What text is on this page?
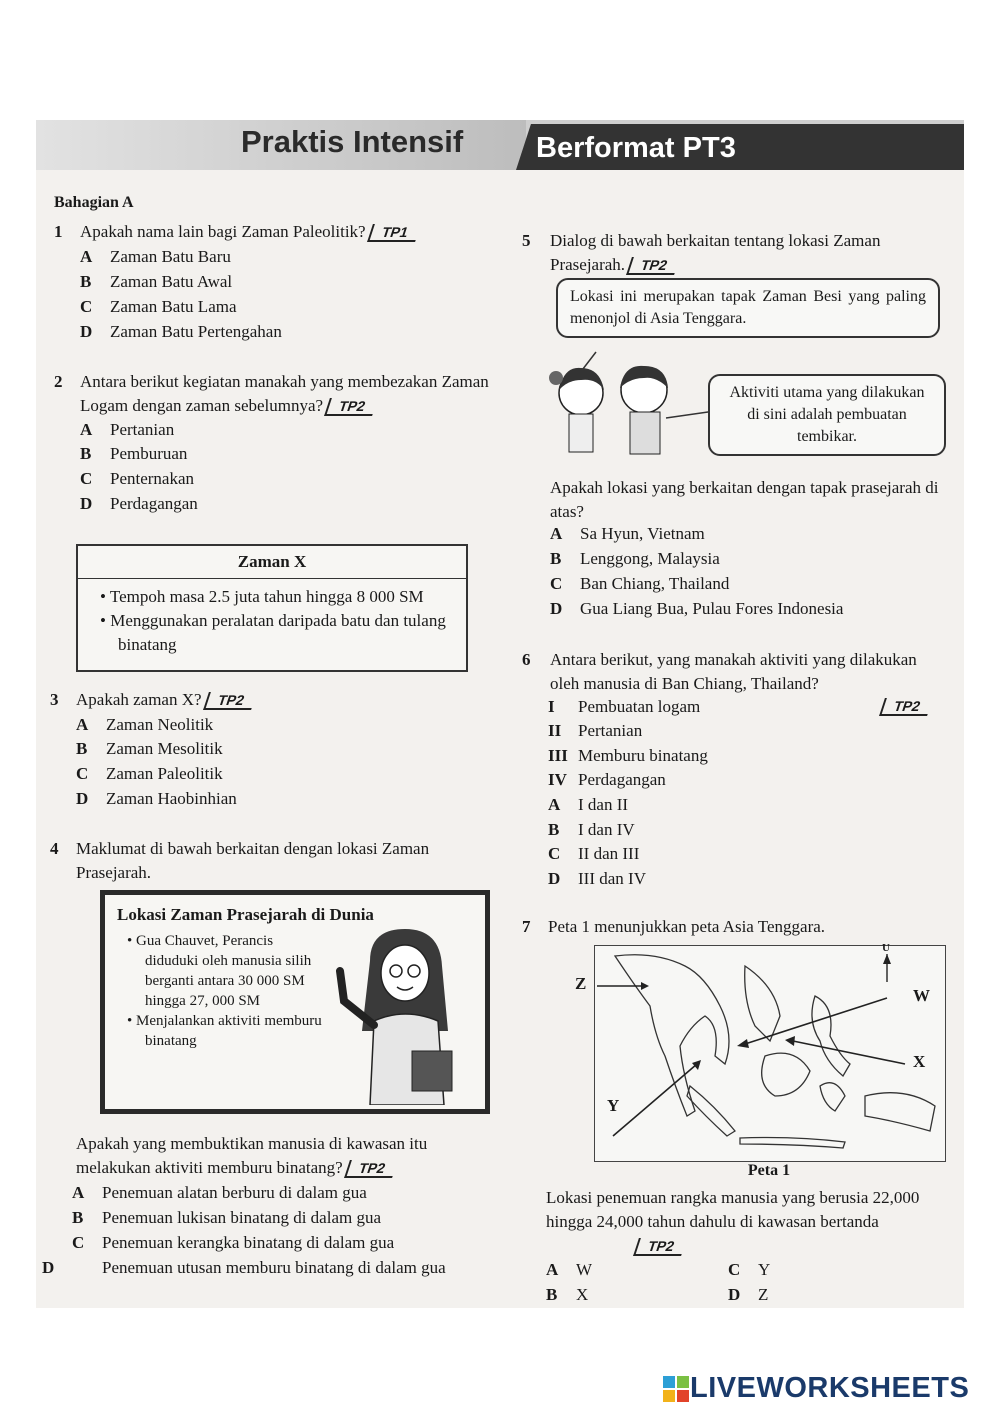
Praktis Intensif	Berformat PT3
Bahagian A
1 Apakah nama lain bagi Zaman Paleolitik? TP1
A Zaman Batu Baru
B Zaman Batu Awal
C Zaman Batu Lama
D Zaman Batu Pertengahan
2 Antara berikut kegiatan manakah yang membezakan Zaman Logam dengan zaman sebelumnya? TP2
A Pertanian
B Pemburuan
C Penternakan
D Perdagangan
Zaman X
• Tempoh masa 2.5 juta tahun hingga 8 000 SM
• Menggunakan peralatan daripada batu dan tulang binatang
3 Apakah zaman X? TP2
A Zaman Neolitik
B Zaman Mesolitik
C Zaman Paleolitik
D Zaman Haobinhian
4 Maklumat di bawah berkaitan dengan lokasi Zaman Prasejarah.
Lokasi Zaman Prasejarah di Dunia
• Gua Chauvet, Perancis diduduki oleh manusia silih berganti antara 30 000 SM hingga 27, 000 SM
• Menjalankan aktiviti memburu binatang
Apakah yang membuktikan manusia di kawasan itu melakukan aktiviti memburu binatang? TP2
A Penemuan alatan berburu di dalam gua
B Penemuan lukisan binatang di dalam gua
C Penemuan kerangka binatang di dalam gua
D	Penemuan utusan memburu binatang di dalam gua
5 Dialog di bawah berkaitan tentang lokasi Zaman Prasejarah. TP2
Lokasi ini merupakan tapak Zaman Besi yang paling menonjol di Asia Tenggara.
Aktiviti utama yang dilakukan di sini adalah pembuatan tembikar.
Apakah lokasi yang berkaitan dengan tapak prasejarah di atas?
A Sa Hyun, Vietnam
B Lenggong, Malaysia
C Ban Chiang, Thailand
D Gua Liang Bua, Pulau Fores Indonesia
6 Antara berikut, yang manakah aktiviti yang dilakukan oleh manusia di Ban Chiang, Thailand?
I Pembuatan logam	TP2
II Pertanian
III Memburu binatang
IV Perdagangan
A I dan II
B I dan IV
C II dan III
D III dan IV
7 Peta 1 menunjukkan peta Asia Tenggara.
Z
W
X
Y
U
Peta 1
Lokasi penemuan rangka manusia yang berusia 22,000 hingga 24,000 tahun dahulu di kawasan bertandaTP2
A W	C Y
B X	D Z
LIVEWORKSHEETS
